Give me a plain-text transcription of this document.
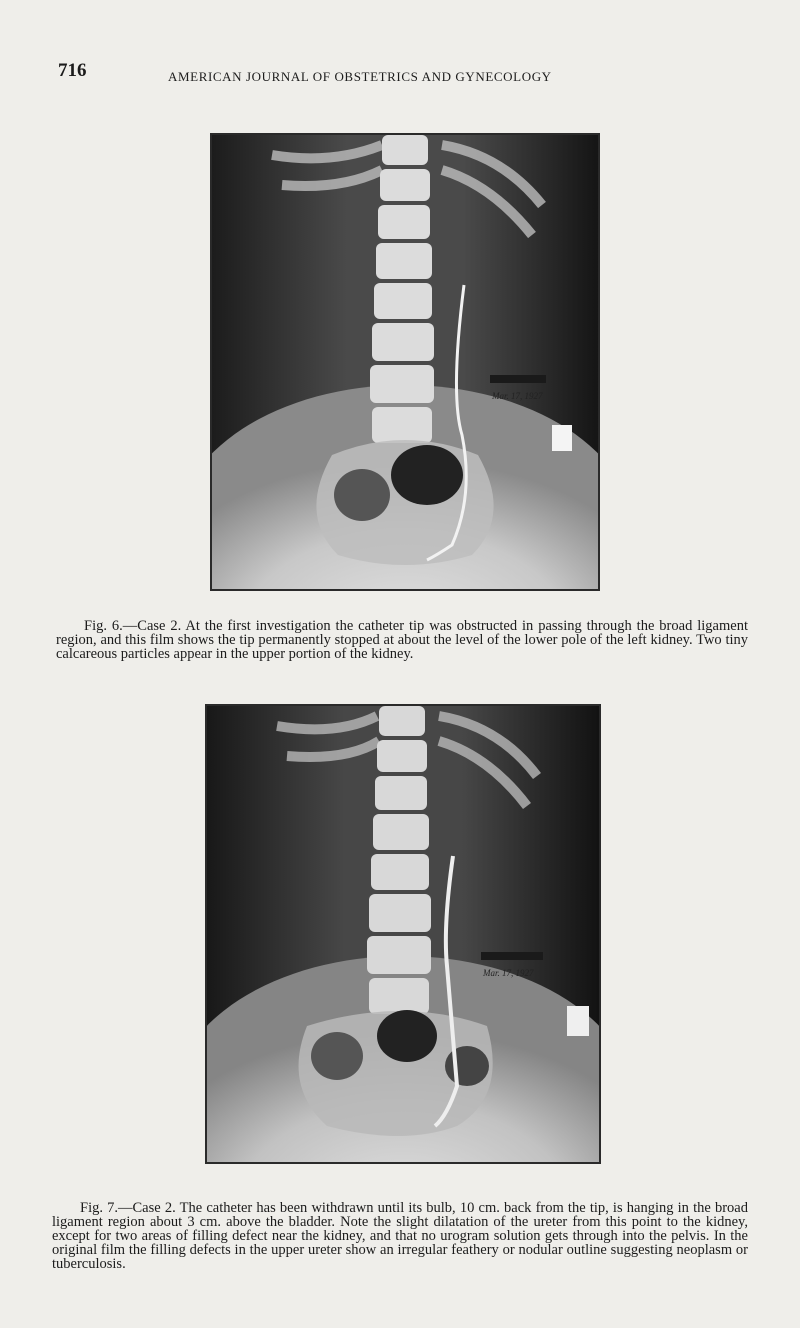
716	AMERICAN JOURNAL OF OBSTETRICS AND GYNECOLOGY
Mar. 17, 1927

Fig. 6.—Case 2. At the first investigation the catheter tip was obstructed in passing through the broad ligament region, and this film shows the tip permanently stopped at about the level of the lower pole of the left kidney. Two tiny calcareous particles appear in the upper portion of the kidney.

Mar. 17, 1927

Fig. 7.—Case 2. The catheter has been withdrawn until its bulb, 10 cm. back from the tip, is hanging in the broad ligament region about 3 cm. above the bladder. Note the slight dilatation of the ureter from this point to the kidney, except for two areas of filling defect near the kidney, and that no urogram solution gets through into the pelvis. In the original film the filling defects in the upper ureter show an irregular feathery or nodular outline suggesting neoplasm or tuberculosis.
